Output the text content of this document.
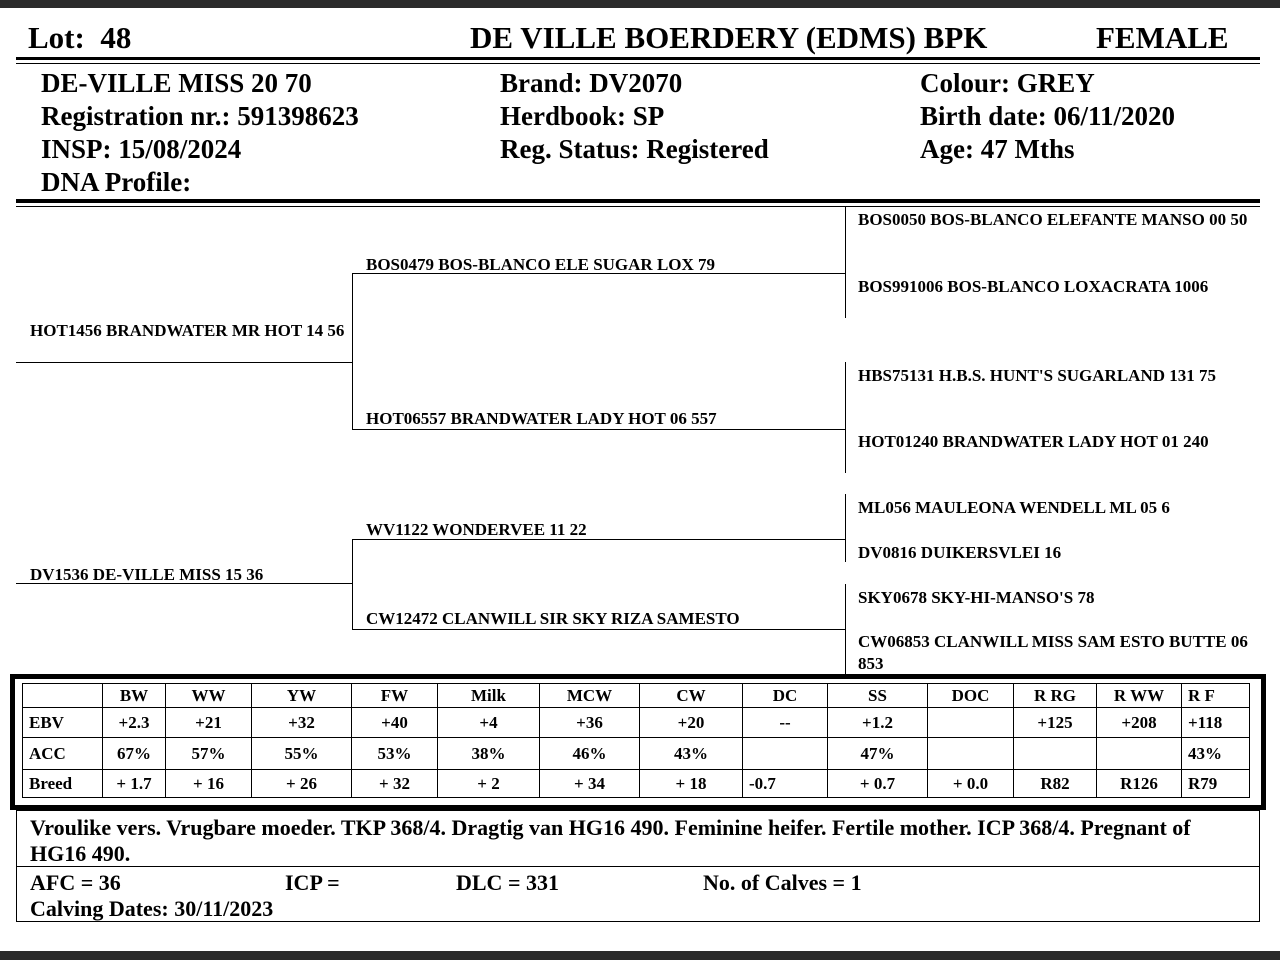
Lot: 48	DE VILLE BOERDERY (EDMS) BPK	FEMALE
DE-VILLE MISS 20 70
Registration nr.: 591398623
INSP: 15/08/2024
DNA Profile:
Brand: DV2070
Herdbook: SP
Reg. Status: Registered
Colour: GREY
Birth date: 06/11/2020
Age: 47 Mths
HOT1456 BRANDWATER MR HOT 14 56
DV1536 DE-VILLE MISS 15 36
BOS0479 BOS-BLANCO ELE SUGAR LOX 79
HOT06557 BRANDWATER LADY HOT 06 557
WV1122 WONDERVEE 11 22
CW12472 CLANWILL SIR SKY RIZA SAMESTO
BOS0050 BOS-BLANCO ELEFANTE MANSO 00 50
BOS991006 BOS-BLANCO LOXACRATA 1006
HBS75131 H.B.S. HUNT'S SUGARLAND 131 75
HOT01240 BRANDWATER LADY HOT 01 240
ML056 MAULEONA WENDELL ML 05 6
DV0816 DUIKERSVLEI 16
SKY0678 SKY-HI-MANSO'S 78
CW06853 CLANWILL MISS SAM ESTO BUTTE 06 853
	BW	WW	YW	FW	Milk	MCW	CW	DC	SS	DOC	R RG	R WW	R F
EBV	+2.3	+21	+32	+40	+4	+36	+20	--	+1.2		+125	+208	+118
ACC	67%	57%	55%	53%	38%	46%	43%		47%				43%
Breed	+ 1.7	+ 16	+ 26	+ 32	+ 2	+ 34	+ 18	-0.7	+ 0.7	+ 0.0	R82	R126	R79
Vroulike vers. Vrugbare moeder. TKP 368/4. Dragtig van HG16 490. Feminine heifer. Fertile mother. ICP 368/4. Pregnant of HG16 490.
AFC = 36	ICP =	DLC = 331	No. of Calves = 1
Calving Dates: 30/11/2023
